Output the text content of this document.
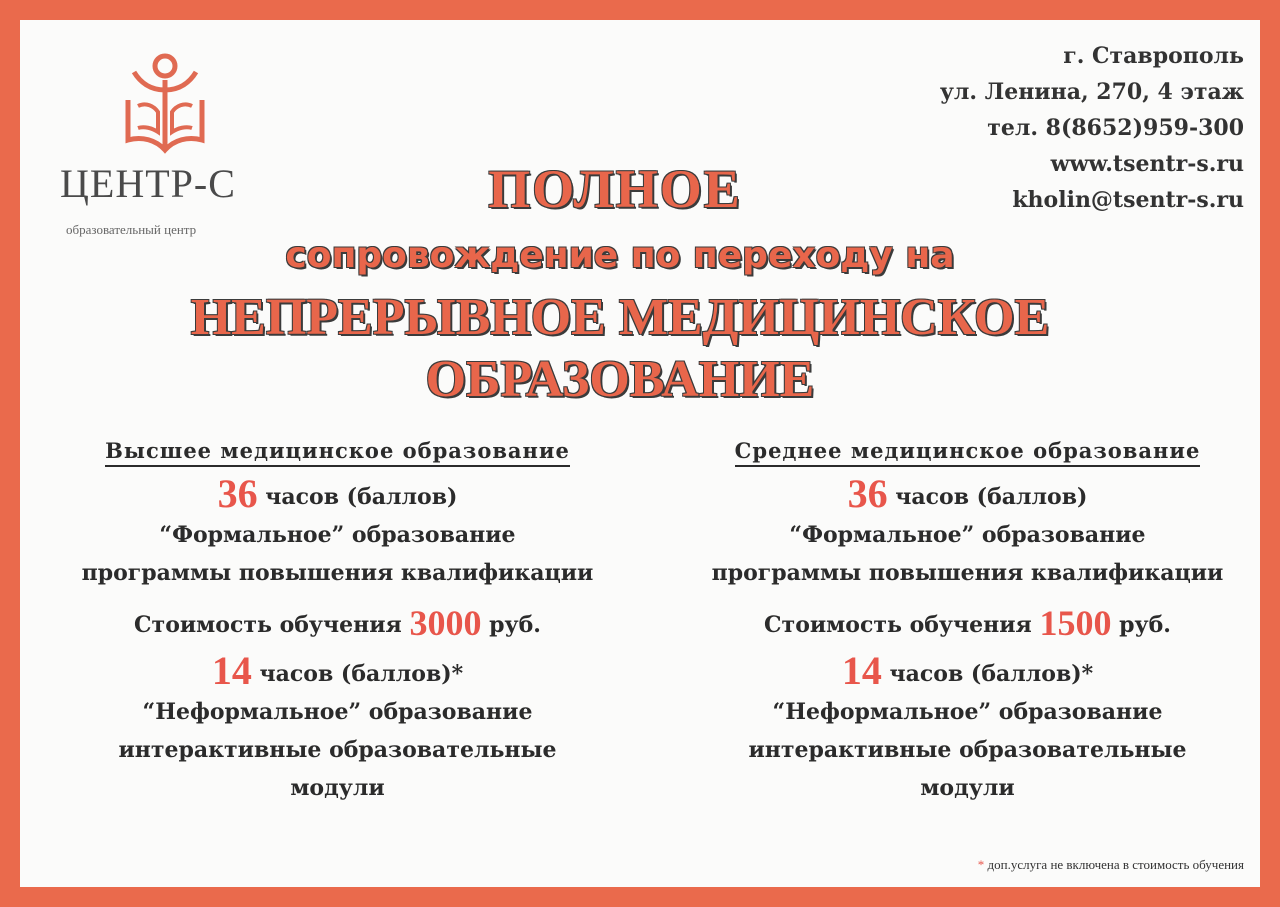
ЦЕНТР-С
образовательный центр
г. Ставрополь
ул. Ленина, 270, 4 этаж
тел. 8(8652)959-300
www.tsentr-s.ru
kholin@tsentr-s.ru
ПОЛНОЕ
сопровождение по переходу на
НЕПРЕРЫВНОЕ МЕДИЦИНСКОЕ
ОБРАЗОВАНИЕ
Высшее медицинское образование
36 часов (баллов)
“Формальное” образование
программы повышения квалификации
Стоимость обучения 3000 руб.
14 часов (баллов)*
“Неформальное” образование
интерактивные образовательные
модули
Среднее медицинское образование
36 часов (баллов)
“Формальное” образование
программы повышения квалификации
Стоимость обучения 1500 руб.
14 часов (баллов)*
“Неформальное” образование
интерактивные образовательные
модули
* доп.услуга не включена в стоимость обучения
